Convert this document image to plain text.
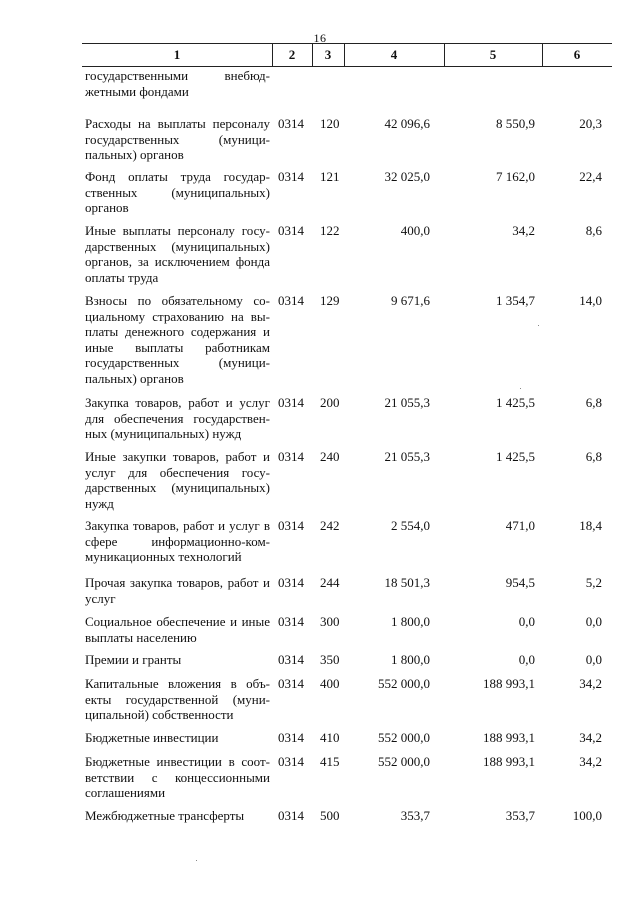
16
1	2	3	4	5	6
государственными внебюд-жетными фондами
Расходы на выплаты персоналу государственных (муници-пальных) органов
0314	120	42 096,6	8 550,9	20,3
Фонд оплаты труда государ-ственных (муниципальных) органов
0314	121	32 025,0	7 162,0	22,4
Иные выплаты персоналу госу-дарственных (муниципальных) органов, за исключением фонда оплаты труда
0314	122	400,0	34,2	8,6
Взносы по обязательному со-циальному страхованию на вы-платы денежного содержания и иные выплаты работникам государственных (муници-пальных) органов
0314	129	9 671,6	1 354,7	14,0
Закупка товаров, работ и услуг для обеспечения государствен-ных (муниципальных) нужд
0314	200	21 055,3	1 425,5	6,8
Иные закупки товаров, работ и услуг для обеспечения госу-дарственных (муниципальных) нужд
0314	240	21 055,3	1 425,5	6,8
Закупка товаров, работ и услуг в сфере информационно-ком-муникационных технологий
0314	242	2 554,0	471,0	18,4
Прочая закупка товаров, работ и услуг
0314	244	18 501,3	954,5	5,2
Социальное обеспечение и иные выплаты населению
0314	300	1 800,0	0,0	0,0
Премии и гранты	0314	350	1 800,0	0,0	0,0
Капитальные вложения в объ-екты государственной (муни-ципальной) собственности
0314	400	552 000,0	188 993,1	34,2
Бюджетные инвестиции	0314	410	552 000,0	188 993,1	34,2
Бюджетные инвестиции в соот-ветствии с концессионными соглашениями
0314	415	552 000,0	188 993,1	34,2
Межбюджетные трансферты	0314	500	353,7	353,7	100,0
